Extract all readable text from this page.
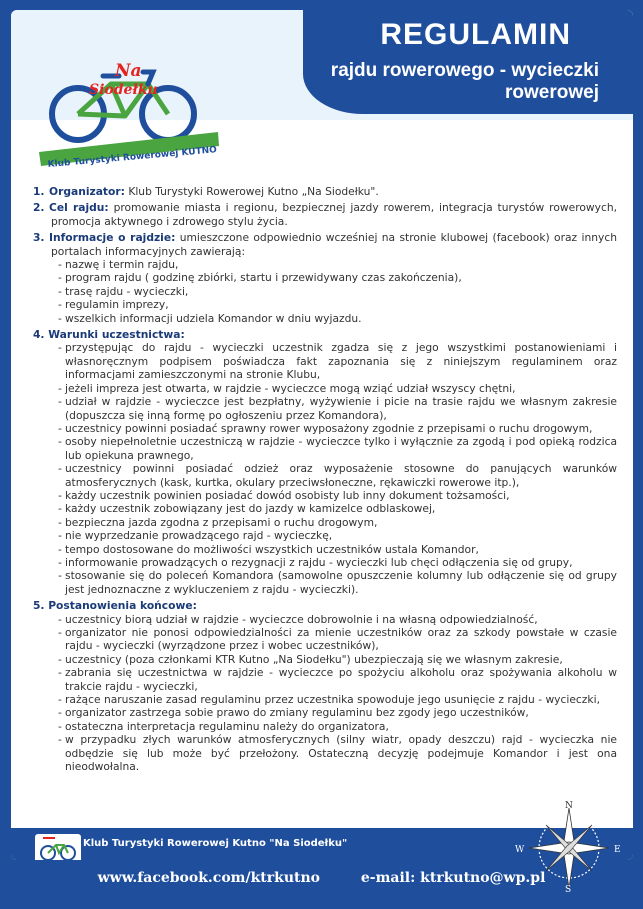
REGULAMIN
rajdu rowerowego - wycieczki rowerowej
Na
Siodełku
Klub Turystyki Rowerowej KUTNO
1. Organizator: Klub Turystyki Rowerowej Kutno „Na Siodełku".
2. Cel rajdu: promowanie miasta i regionu, bezpiecznej jazdy rowerem, integracja turystów rowerowych, promocja aktywnego i zdrowego stylu życia.
3. Informacje o rajdzie: umieszczone odpowiednio wcześniej na stronie klubowej (facebook) oraz innych portalach informacyjnych zawierają:
- nazwę i termin rajdu,
- program rajdu ( godzinę zbiórki, startu i przewidywany czas zakończenia),
- trasę rajdu - wycieczki,
- regulamin imprezy,
- wszelkich informacji udziela Komandor w dniu wyjazdu.
4. Warunki uczestnictwa:
- przystępując do rajdu - wycieczki uczestnik zgadza się z jego wszystkimi postanowieniami i własnoręcznym podpisem poświadcza fakt zapoznania się z niniejszym regulaminem oraz informacjami zamieszczonymi na stronie Klubu,
- jeżeli impreza jest otwarta, w rajdzie - wycieczce mogą wziąć udział wszyscy chętni,
- udział w rajdzie - wycieczce jest bezpłatny, wyżywienie i picie na trasie rajdu we własnym zakresie (dopuszcza się inną formę po ogłoszeniu przez Komandora),
- uczestnicy powinni posiadać sprawny rower wyposażony zgodnie z przepisami o ruchu drogowym,
- osoby niepełnoletnie uczestniczą w rajdzie - wycieczce tylko i wyłącznie za zgodą i pod opieką rodzica lub opiekuna prawnego,
- uczestnicy powinni posiadać odzież oraz wyposażenie stosowne do panujących warunków atmosferycznych (kask, kurtka, okulary przeciwsłoneczne, rękawiczki rowerowe itp.),
- każdy uczestnik powinien posiadać dowód osobisty lub inny dokument tożsamości,
- każdy uczestnik zobowiązany jest do jazdy w kamizelce odblaskowej,
- bezpieczna jazda zgodna z przepisami o ruchu drogowym,
- nie wyprzedzanie prowadzącego rajd - wycieczkę,
- tempo dostosowane do możliwości wszystkich uczestników ustala Komandor,
- informowanie prowadzących o rezygnacji z rajdu - wycieczki lub chęci odłączenia się od grupy,
- stosowanie się do poleceń Komandora (samowolne opuszczenie kolumny lub odłączenie się od grupy jest jednoznaczne z wykluczeniem z rajdu - wycieczki).
5. Postanowienia końcowe:
- uczestnicy biorą udział w rajdzie - wycieczce dobrowolnie i na własną odpowiedzialność,
- organizator nie ponosi odpowiedzialności za mienie uczestników oraz za szkody powstałe w czasie rajdu - wycieczki (wyrządzone przez i wobec uczestników),
- uczestnicy (poza członkami KTR Kutno „Na Siodełku") ubezpieczają się we własnym zakresie,
- zabrania się uczestnictwa w rajdzie - wycieczce po spożyciu alkoholu oraz spożywania alkoholu w trakcie rajdu - wycieczki,
- rażące naruszanie zasad regulaminu przez uczestnika spowoduje jego usunięcie z rajdu - wycieczki,
- organizator zastrzega sobie prawo do zmiany regulaminu bez zgody jego uczestników,
- ostateczna interpretacja regulaminu należy do organizatora,
- w przypadku złych warunków atmosferycznych (silny wiatr, opady deszczu) rajd - wycieczka nie odbędzie się lub może być przełożony. Ostateczną decyzję podejmuje Komandor i jest ona nieodwołalna.
Klub Turystyki Rowerowej Kutno "Na Siodełku"
N
S
E
W
www.facebook.com/ktrkutno	e-mail: ktrkutno@wp.pl
